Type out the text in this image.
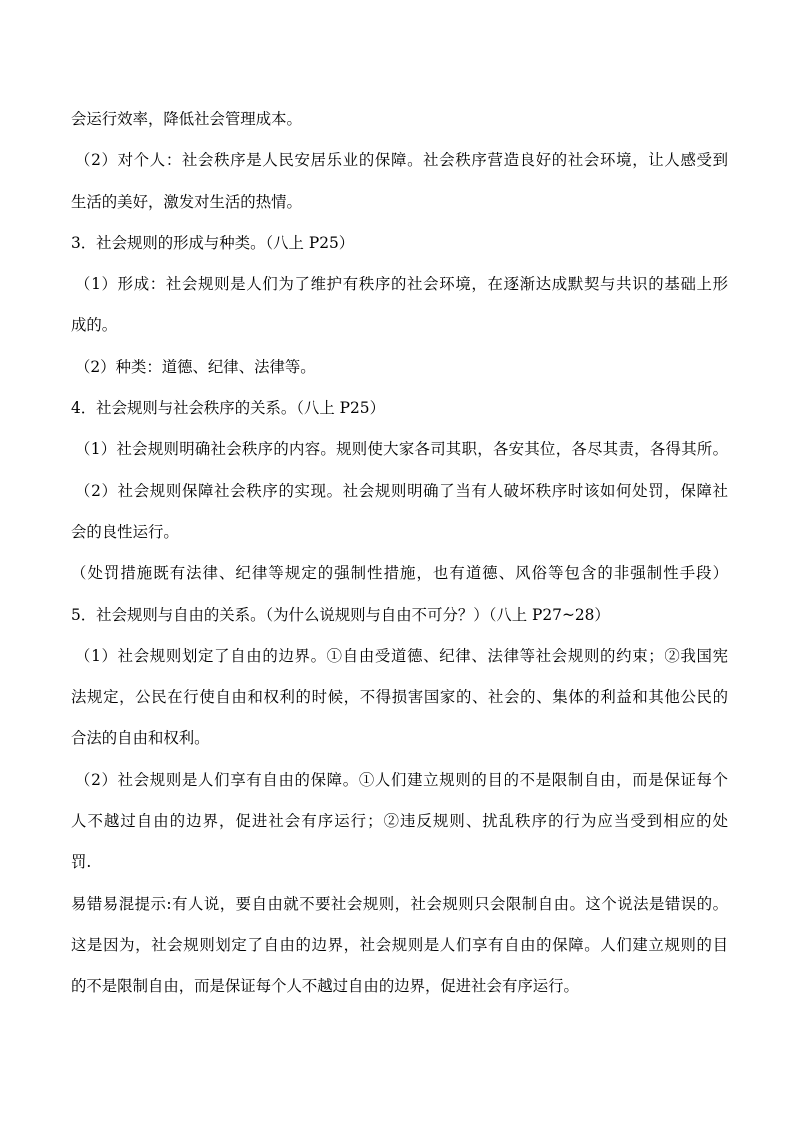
会运行效率，降低社会管理成本。
（2）对个人：社会秩序是人民安居乐业的保障。社会秩序营造良好的社会环境，让人感受到
生活的美好，激发对生活的热情。
3．社会规则的形成与种类。（八上 P25）
（1）形成：社会规则是人们为了维护有秩序的社会环境，在逐渐达成默契与共识的基础上形
成的。
（2）种类：道德、纪律、法律等。
4．社会规则与社会秩序的关系。（八上 P25）
（1）社会规则明确社会秩序的内容。规则使大家各司其职，各安其位，各尽其责，各得其所。
（2）社会规则保障社会秩序的实现。社会规则明确了当有人破坏秩序时该如何处罚，保障社
会的良性运行。
（处罚措施既有法律、纪律等规定的强制性措施，也有道德、风俗等包含的非强制性手段）
5．社会规则与自由的关系。（为什么说规则与自由不可分？）（八上 P27~28）
（1）社会规则划定了自由的边界。①自由受道德、纪律、法律等社会规则的约束；②我国宪
法规定，公民在行使自由和权利的时候，不得损害国家的、社会的、集体的利益和其他公民的
合法的自由和权利。
（2）社会规则是人们享有自由的保障。①人们建立规则的目的不是限制自由，而是保证每个
人不越过自由的边界，促进社会有序运行；②违反规则、扰乱秩序的行为应当受到相应的处
罚.
易错易混提示:有人说，要自由就不要社会规则，社会规则只会限制自由。这个说法是错误的。
这是因为，社会规则划定了自由的边界，社会规则是人们享有自由的保障。人们建立规则的目
的不是限制自由，而是保证每个人不越过自由的边界，促进社会有序运行。
